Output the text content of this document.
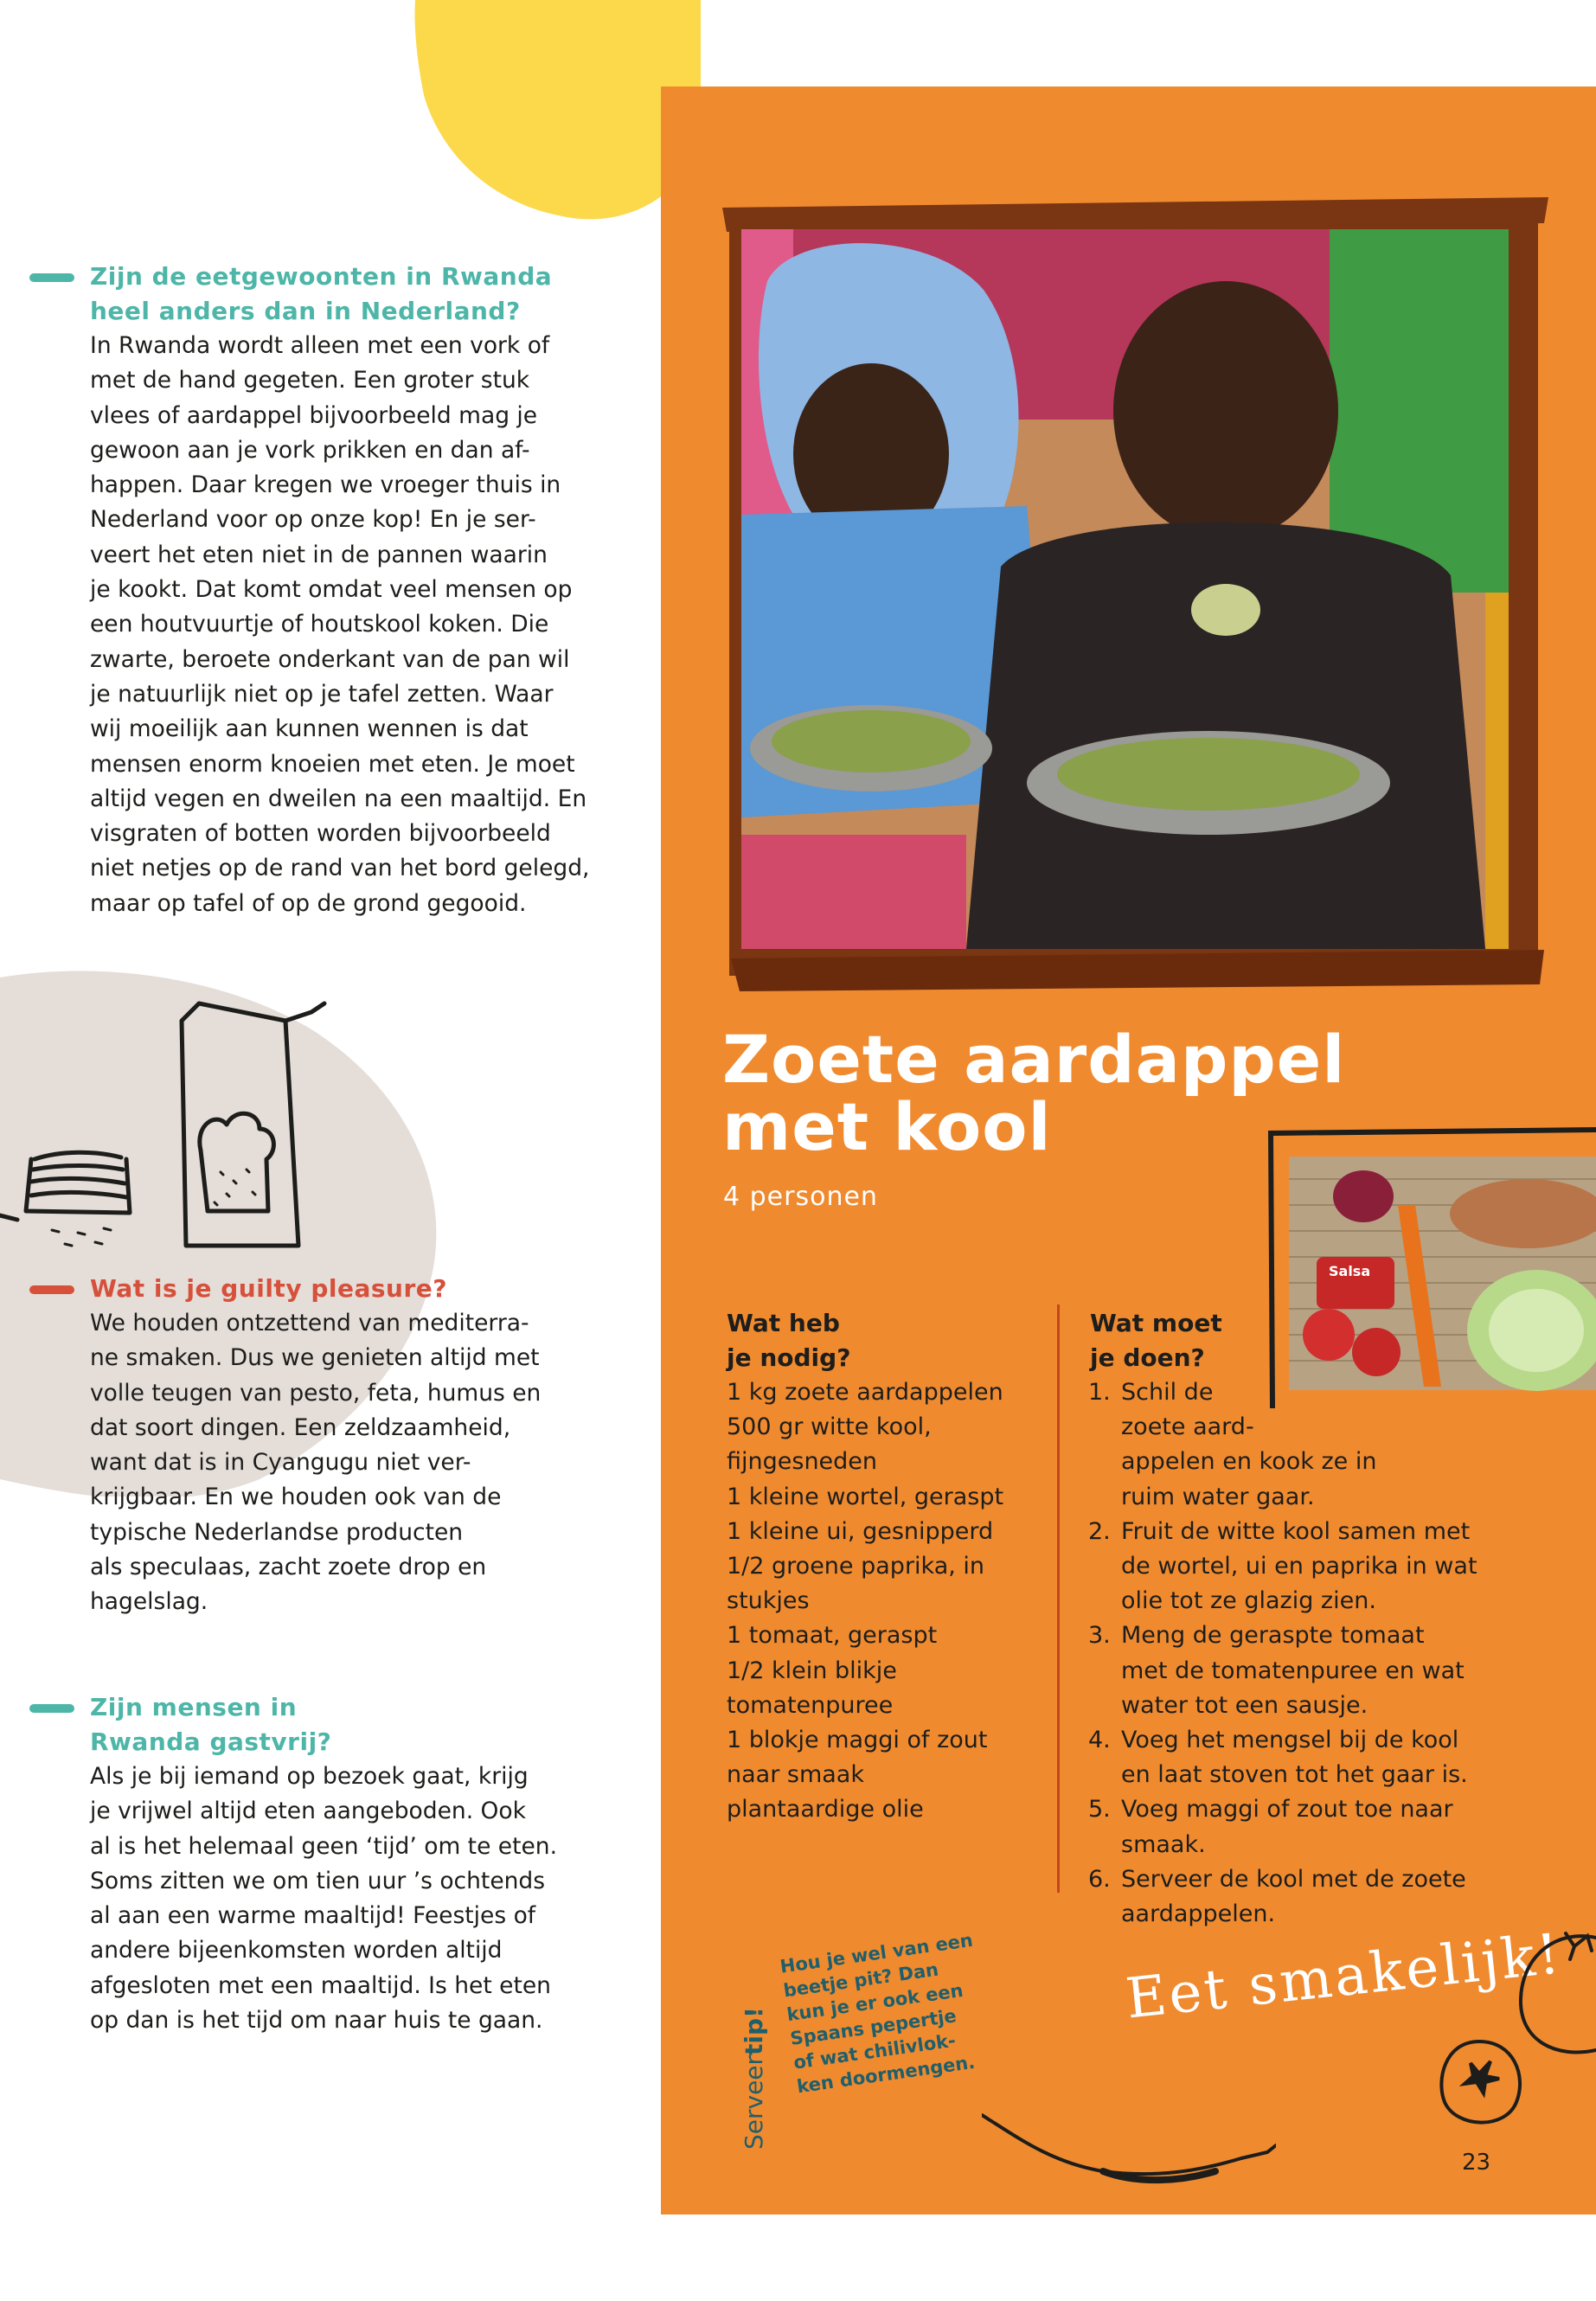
Zijn de eetgewoonten in Rwanda
heel anders dan in Nederland?
In Rwanda wordt alleen met een vork of
met de hand gegeten. Een groter stuk
vlees of aardappel bijvoorbeeld mag je
gewoon aan je vork prikken en dan af-
happen. Daar kregen we vroeger thuis in
Nederland voor op onze kop! En je ser-
veert het eten niet in de pannen waarin
je kookt. Dat komt omdat veel mensen op
een houtvuurtje of houtskool koken. Die
zwarte, beroete onderkant van de pan wil
je natuurlijk niet op je tafel zetten. Waar
wij moeilijk aan kunnen wennen is dat
mensen enorm knoeien met eten. Je moet
altijd vegen en dweilen na een maaltijd. En
visgraten of botten worden bijvoorbeeld
niet netjes op de rand van het bord gelegd,
maar op tafel of op de grond gegooid.
Wat is je guilty pleasure?
We houden ontzettend van mediterra-
ne smaken. Dus we genieten altijd met
volle teugen van pesto, feta, humus en
dat soort dingen. Een zeldzaamheid,
want dat is in Cyangugu niet ver-
krijgbaar. En we houden ook van de
typische Nederlandse producten
als speculaas, zacht zoete drop en
hagelslag.
Zijn mensen in
Rwanda gastvrij?
Als je bij iemand op bezoek gaat, krijg
je vrijwel altijd eten aangeboden. Ook
al is het helemaal geen ‘tijd’ om te eten.
Soms zitten we om tien uur ’s ochtends
al aan een warme maaltijd! Feestjes of
andere bijeenkomsten worden altijd
afgesloten met een maaltijd. Is het eten
op dan is het tijd om naar huis te gaan.
Zoete aardappel
met kool
4 personen
Salsa
Wat heb
je nodig?
1 kg zoete aardappelen
500 gr witte kool,
fijngesneden
1 kleine wortel, geraspt
1 kleine ui, gesnipperd
1/2 groene paprika, in
stukjes
1 tomaat, geraspt
1/2 klein blikje
tomatenpuree
1 blokje maggi of zout
naar smaak
plantaardige olie
Wat moet
je doen?
1. Schil de
zoete aard-
appelen en kook ze in
ruim water gaar.
2. Fruit de witte kool samen met
de wortel, ui en paprika in wat
olie tot ze glazig zien.
3. Meng de geraspte tomaat
met de tomatenpuree en wat
water tot een sausje.
4. Voeg het mengsel bij de kool
en laat stoven tot het gaar is.
5. Voeg maggi of zout toe naar
smaak.
6. Serveer de kool met de zoete
aardappelen.
Serveertip!
Hou je wel van een
beetje pit? Dan
kun je er ook een
Spaans pepertje
of wat chilivlok-
ken doormengen.
Eet smakelijk!
23
